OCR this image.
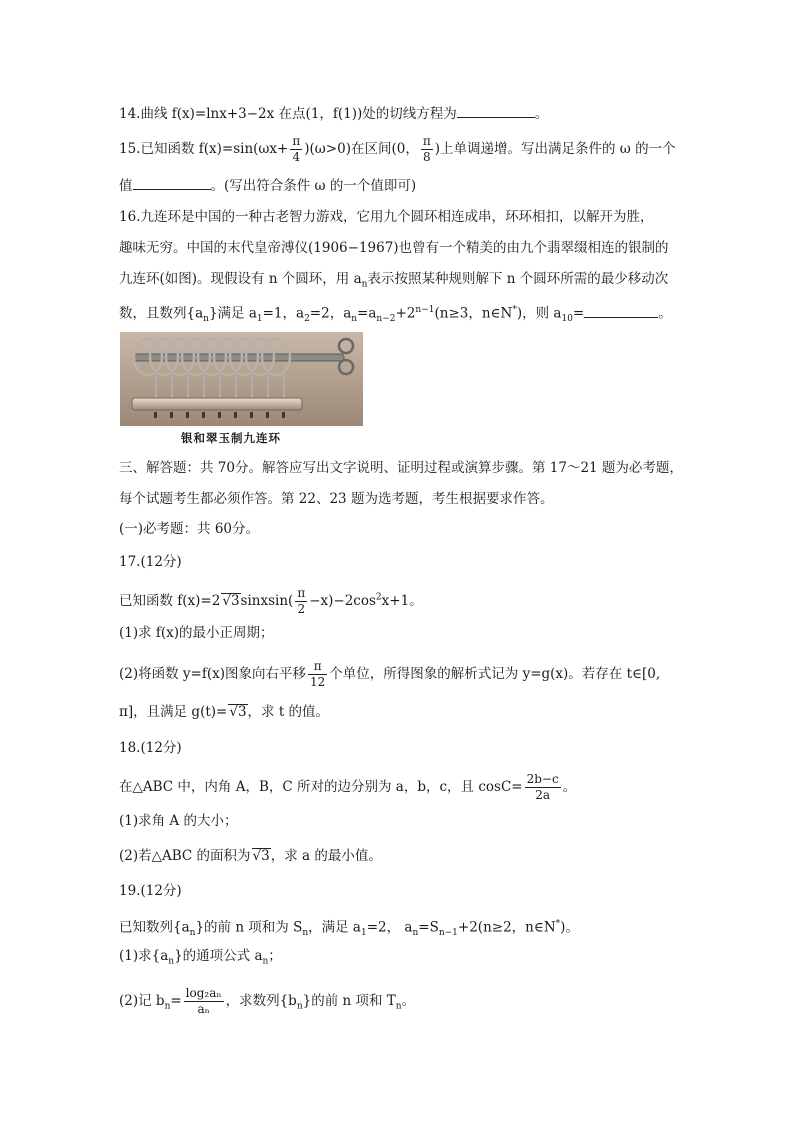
14.曲线 f(x)=lnx+3−2x 在点(1，f(1))处的切线方程为	。
15.已知函数 $f(x)=\sin(\omega x+ \frac{\pi}{4} )(\omega>0)$在区间(0， $\frac{\pi}{8}$ )上单调递增。写出满足条件的 ω 的一个
值	。(写出符合条件 ω 的一个值即可)
16.九连环是中国的一种古老智力游戏，它用九个圆环相连成串，环环相扣，以解开为胜，
趣味无穷。中国的末代皇帝溥仪(1906−1967)也曾有一个精美的由九个翡翠缀相连的银制的
九连环(如图)。现假设有 n 个圆环，用 $a_n$表示按照某种规则解下 n 个圆环所需的最少移动次
数，且数列$\{a_n\}$满足 $a_1=1$，$a_2=2$，$a_n=a_{n-2}+2^{n-1}(n\ge 3$，n∈N*)，则 $a_{10}=$	。
银和翠玉制九连环
三、解答题：共 70分。解答应写出文字说明、证明过程或演算步骤。第 17～21 题为必考题，
每个试题考生都必须作答。第 22、23 题为选考题，考生根据要求作答。
(一)必考题：共 60分。
17.(12分)
已知函数 f(x)=2 √3sinxsin( $\frac{\pi}{2} -x)-2\cos^2x+1$。
(1)求 f(x)的最小正周期；
(2)将函数 y=f(x)图象向右平移 $\frac{\pi}{12}$ 个单位，所得图象的解析式记为 y=g(x)。若存在 t∈[0,
π]，且满足 g(t)= √3，求 t 的值。
18.(12分)
在△ABC 中，内角 A，B，C 所对的边分别为 a，b，c，且 $\cos C= \frac{2b-c}{2a}$ 。
(1)求角 A 的大小；
(2)若△ABC 的面积为 √3，求 a 的最小值。
19.(12分)
已知数列$\{a_n\}$的前 n 项和为 $S_n$，满足 $a_1=2$， $a_n=S_{n-1}+2(n\ge 2$，n∈N*)。
(1)求$\{a_n\}$的通项公式 $a_n$；
(2)记 $b_n= \frac{\text{log₂aₙ}}{\text{aₙ}}$ ，求数列$\{b_n\}$的前 n 项和 $T_n$。
